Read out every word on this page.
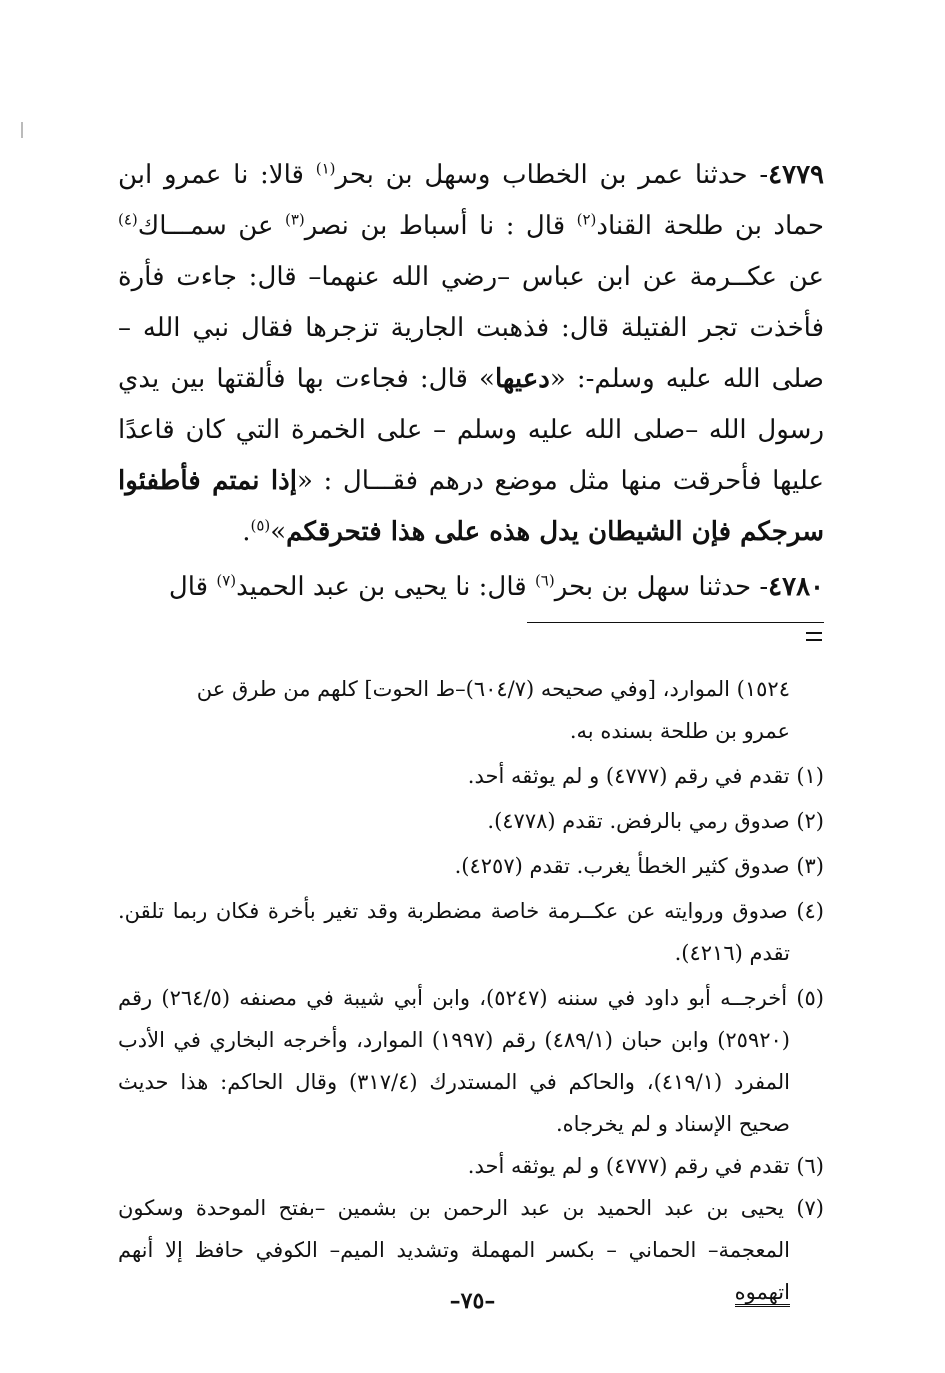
٤٧٧٩- حدثنا عمر بن الخطاب وسهل بن بحر$^{(١)}$ قالا: نا عمرو ابن حماد بن طلحة القناد$^{(٢)}$ قال : نا أسباط بن نصر$^{(٣)}$ عن سمـــاك$^{(٤)}$ عن عكــرمة عن ابن عباس –رضي الله عنهما– قال: جاءت فأرة فأخذت تجر الفتيلة قال: فذهبت الجارية تزجرها فقال نبي الله – صلى الله عليه وسلم-: «دعيها» قال: فجاءت بها فألقتها بين يدي رسول الله –صلى الله عليه وسلم – على الخمرة التي كان قاعدًا عليها فأحرقت منها مثل موضع درهم فقـــال : «إذا نمتم فأطفئوا سرجكم فإن الشيطان يدل هذه على هذا فتحرقكم»$^{(٥)}$.

٤٧٨٠- حدثنا سهل بن بحر$^{(٦)}$ قال: نا يحيى بن عبد الحميد$^{(٧)}$ قال

١٥٢٤) الموارد، [وفي صحيحه (٦٠٤/٧)–ط الحوت] كلهم من طرق عن

عمرو بن طلحة بسنده به.

(١) تقدم في رقم (٤٧٧٧) و لم يوثقه أحد.

(٢) صدوق رمي بالرفض. تقدم (٤٧٧٨).

(٣) صدوق كثير الخطأ يغرب. تقدم (٤٢٥٧).

(٤) صدوق وروايته عن عكــرمة خاصة مضطربة وقد تغير بأخرة فكان ربما تلقن. تقدم (٤٢١٦).

(٥) أخرجــه أبو داود في سننه (٥٢٤٧)، وابن أبي شيبة في مصنفه (٢٦٤/٥) رقم (٢٥٩٢٠) وابن حبان (٤٨٩/١) رقم (١٩٩٧) الموارد، وأخرجه البخاري في الأدب المفرد (٤١٩/١)، والحاكم في المستدرك (٣١٧/٤) وقال الحاكم: هذا حديث صحيح الإسناد و لم يخرجاه.

(٦) تقدم في رقم (٤٧٧٧) و لم يوثقه أحد.

(٧) يحيى بن عبد الحميد بن عبد الرحمن بن بشمين –بفتح الموحدة وسكون المعجمة– الحماني – بكسر المهملة وتشديد الميم– الكوفي حافظ إلا أنهم اتهموه

–٧٥–
